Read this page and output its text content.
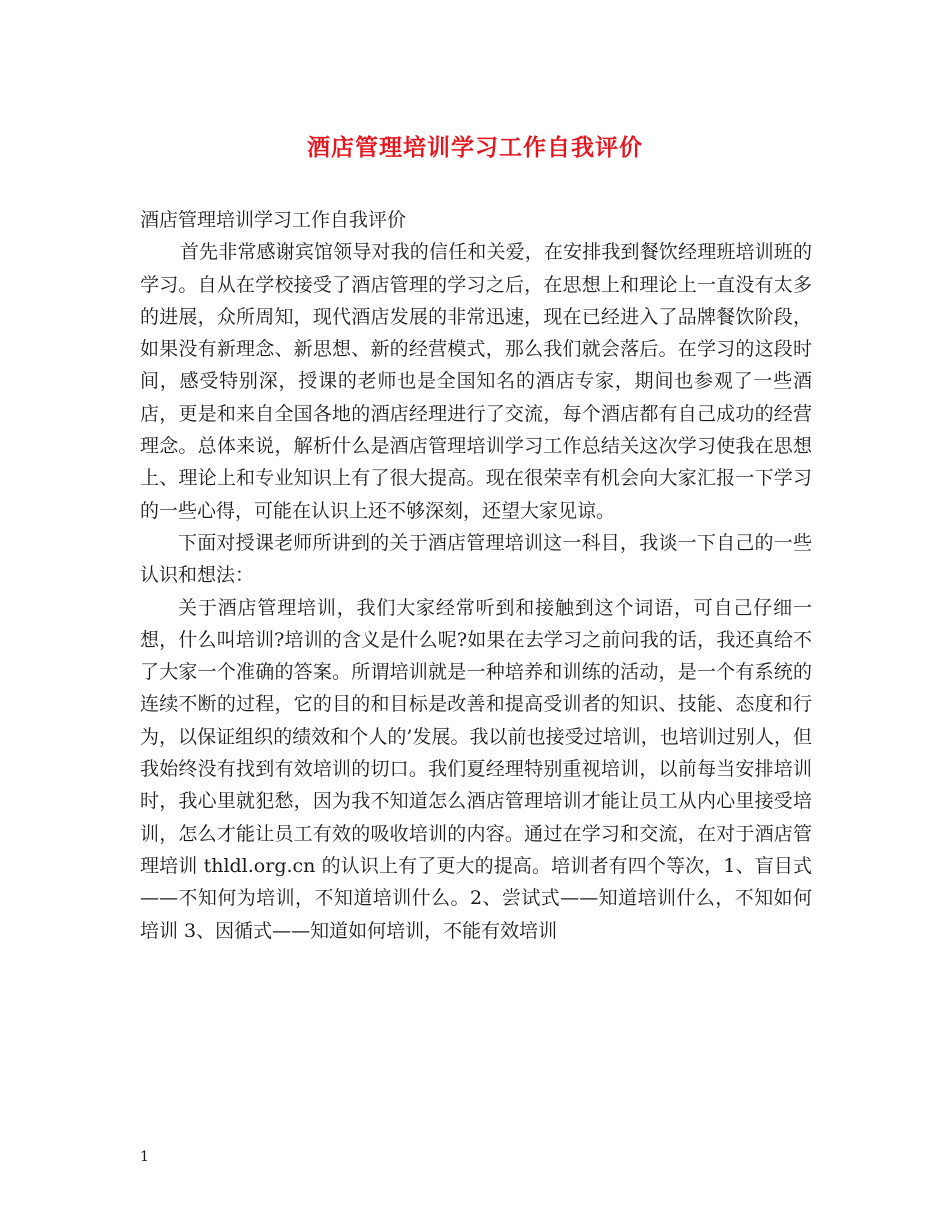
酒店管理培训学习工作自我评价

酒店管理培训学习工作自我评价

首先非常感谢宾馆领导对我的信任和关爱，在安排我到餐饮经理班培训班的学习。自从在学校接受了酒店管理的学习之后，在思想上和理论上一直没有太多的进展，众所周知，现代酒店发展的非常迅速，现在已经进入了品牌餐饮阶段，如果没有新理念、新思想、新的经营模式，那么我们就会落后。在学习的这段时间，感受特别深，授课的老师也是全国知名的酒店专家，期间也参观了一些酒店，更是和来自全国各地的酒店经理进行了交流，每个酒店都有自己成功的经营理念。总体来说，解析什么是酒店管理培训学习工作总结关这次学习使我在思想上、理论上和专业知识上有了很大提高。现在很荣幸有机会向大家汇报一下学习的一些心得，可能在认识上还不够深刻，还望大家见谅。

下面对授课老师所讲到的关于酒店管理培训这一科目，我谈一下自己的一些认识和想法：

关于酒店管理培训，我们大家经常听到和接触到这个词语，可自己仔细一想，什么叫培训?培训的含义是什么呢?如果在去学习之前问我的话，我还真给不了大家一个准确的答案。所谓培训就是一种培养和训练的活动，是一个有系统的连续不断的过程，它的目的和目标是改善和提高受训者的知识、技能、态度和行为，以保证组织的绩效和个人的’发展。我以前也接受过培训，也培训过别人，但我始终没有找到有效培训的切口。我们夏经理特别重视培训，以前每当安排培训时，我心里就犯愁，因为我不知道怎么酒店管理培训才能让员工从内心里接受培训，怎么才能让员工有效的吸收培训的内容。通过在学习和交流，在对于酒店管理培训 thldl.org.cn 的认识上有了更大的提高。培训者有四个等次，1、盲目式——不知何为培训，不知道培训什么。2、尝试式——知道培训什么，不知如何培训 3、因循式——知道如何培训，不能有效培训

1
